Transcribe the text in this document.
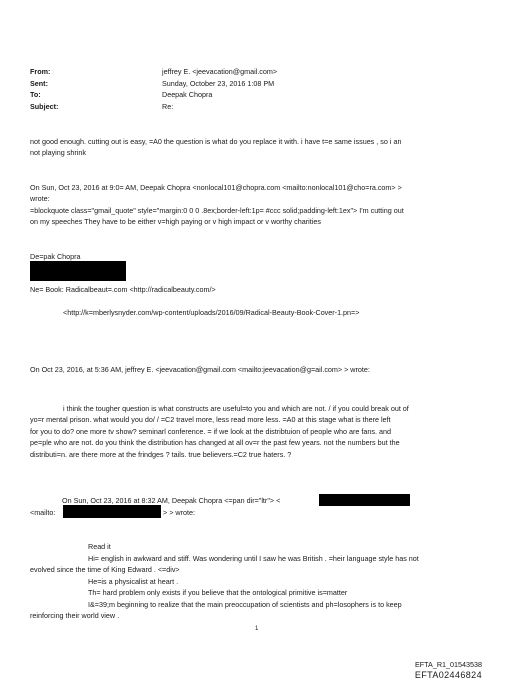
From:	jeffrey E. <jeevacation@gmail.com>
Sent:	Sunday, October 23, 2016 1:08 PM
To:	Deepak Chopra
Subject:	Re:
not good enough. cutting out is easy, =A0 the question is what do you replace it with. i have t=e same issues , so i an
not playing shrink
On Sun, Oct 23, 2016 at 9:0= AM, Deepak Chopra <nonlocal101@chopra.com <mailto:nonlocal101@cho=ra.com> >
wrote:
=blockquote class="gmail_quote" style="margin:0 0 0 .8ex;border-left:1p= #ccc solid;padding-left:1ex"> I'm cutting out
on my speeches They have to be either v=high paying or v high impact or v worthy charities
De=pak Chopra
Ne= Book: Radicalbeaut=.com <http://radicalbeauty.com/>
<http://k=mberlysnyder.com/wp-content/uploads/2016/09/Radical-Beauty-Book-Cover-1.pn=>
On Oct 23, 2016, at 5:36 AM, jeffrey E. <jeevacation@gmail.com <mailto:jeevacation@g=ail.com> > wrote:
i think the tougher question is what constructs are useful=to you and which are not. / if you could break out of
yo=r mental prison. what would you do/ / =C2 travel more, less read more less. =A0 at this stage what is there left
for you to do? one more tv show? seminarl conference. = if we look at the distribtuion of people who are fans. and
pe=ple who are not. do you think the distribution has changed at all ov=r the past few years. not the numbers but the
distributi=n. are there more at the frindges ? tails. true believers.=C2 true haters. ?
On Sun, Oct 23, 2016 at 8:32 AM, Deepak Chopra <=pan dir="ltr"> <
<mailto:	> > wrote:
Read it
Hi= english in awkward and stiff. Was wondering until I saw he was British . =heir language style has not
evolved since the time of King Edward . <=div>
He=is a physicalist at heart .
Th= hard problem only exists if you believe that the ontological primitive is=matter
I&=39;m beginning to realize that the main preoccupation of scientists and ph=losophers is to keep
reinforcing their world view .
1
EFTA_R1_01543538
EFTA02446824
